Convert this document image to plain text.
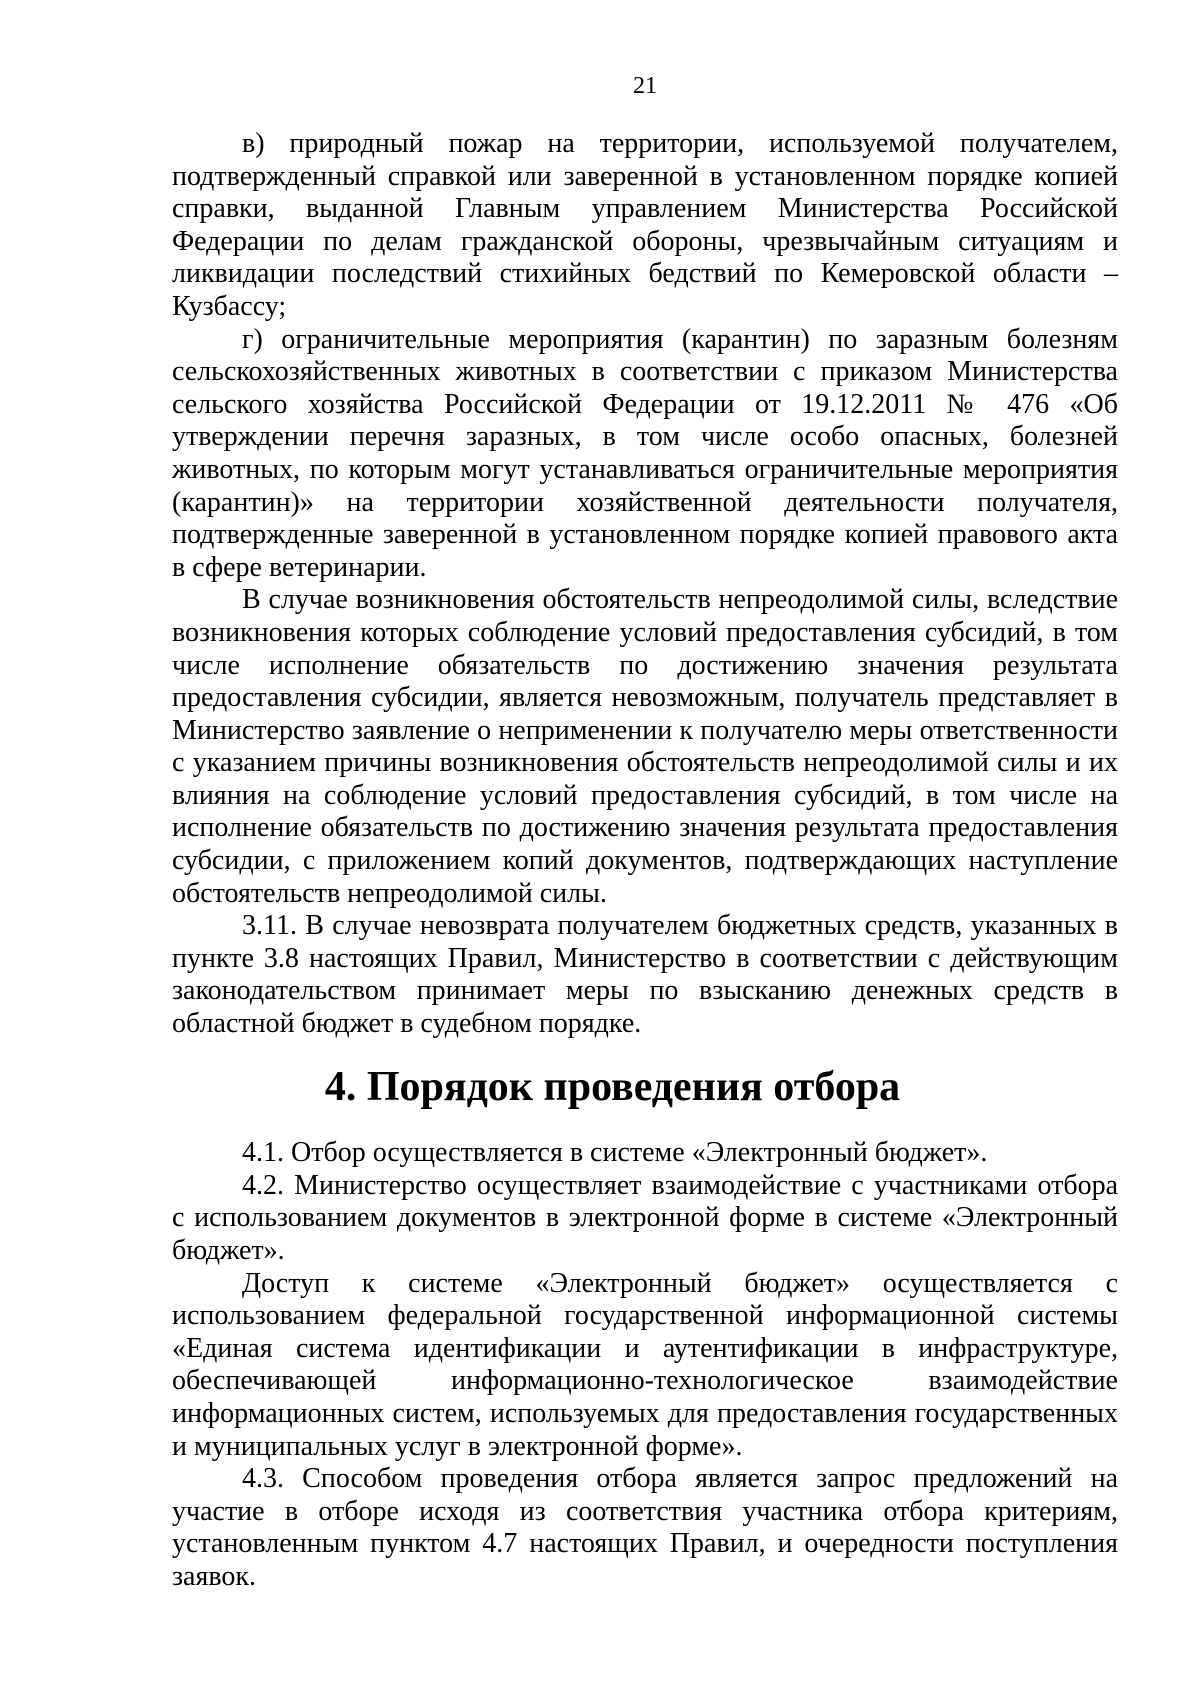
21

в) природный пожар на территории, используемой получателем, подтвержденный справкой или заверенной в установленном порядке копией справки, выданной Главным управлением Министерства Российской Федерации по делам гражданской обороны, чрезвычайным ситуациям и ликвидации последствий стихийных бедствий по Кемеровской области – Кузбассу;

г) ограничительные мероприятия (карантин) по заразным болезням сельскохозяйственных животных в соответствии с приказом Министерства сельского хозяйства Российской Федерации от 19.12.2011 № 476 «Об утверждении перечня заразных, в том числе особо опасных, болезней животных, по которым могут устанавливаться ограничительные мероприятия (карантин)» на территории хозяйственной деятельности получателя, подтвержденные заверенной в установленном порядке копией правового акта в сфере ветеринарии.

В случае возникновения обстоятельств непреодолимой силы, вследствие возникновения которых соблюдение условий предоставления субсидий, в том числе исполнение обязательств по достижению значения результата предоставления субсидии, является невозможным, получатель представляет в Министерство заявление о неприменении к получателю меры ответственности с указанием причины возникновения обстоятельств непреодолимой силы и их влияния на соблюдение условий предоставления субсидий, в том числе на исполнение обязательств по достижению значения результата предоставления субсидии, с приложением копий документов, подтверждающих наступление обстоятельств непреодолимой силы.

3.11. В случае невозврата получателем бюджетных средств, указанных в пункте 3.8 настоящих Правил, Министерство в соответствии с действующим законодательством принимает меры по взысканию денежных средств в областной бюджет в судебном порядке.

4. Порядок проведения отбора

4.1. Отбор осуществляется в системе «Электронный бюджет».

4.2. Министерство осуществляет взаимодействие с участниками отбора с использованием документов в электронной форме в системе «Электронный бюджет».

Доступ к системе «Электронный бюджет» осуществляется с использованием федеральной государственной информационной системы «Единая система идентификации и аутентификации в инфраструктуре, обеспечивающей информационно-технологическое взаимодействие информационных систем, используемых для предоставления государственных и муниципальных услуг в электронной форме».

4.3. Способом проведения отбора является запрос предложений на участие в отборе исходя из соответствия участника отбора критериям, установленным пунктом 4.7 настоящих Правил, и очередности поступления заявок.
